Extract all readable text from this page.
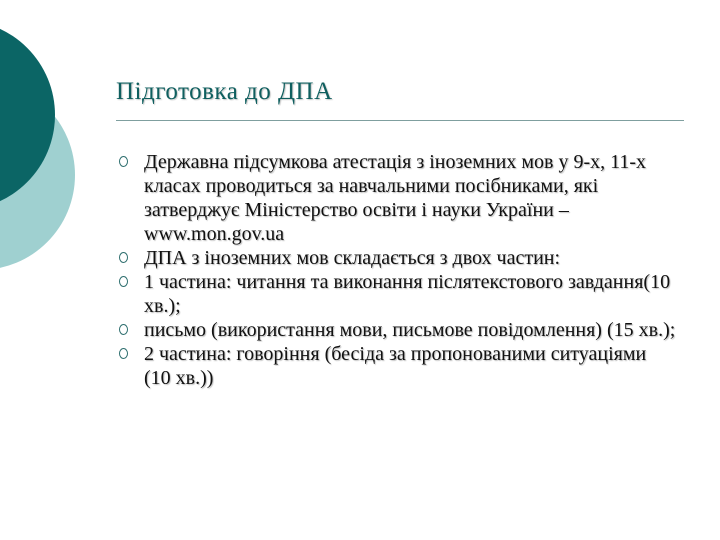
Підготовка до ДПА
Державна підсумкова атестація з іноземних мов у 9-х, 11-х класах проводиться за навчальними посібниками, які затверджує Міністерство освіти і науки України – www.mon.gov.ua
ДПА з іноземних мов складається з двох частин:
1 частина: читання та виконання післятекстового завдання(10 хв.);
письмо (використання мови, письмове повідомлення) (15 хв.);
2 частина: говоріння (бесіда за пропонованими ситуаціями (10 хв.))
